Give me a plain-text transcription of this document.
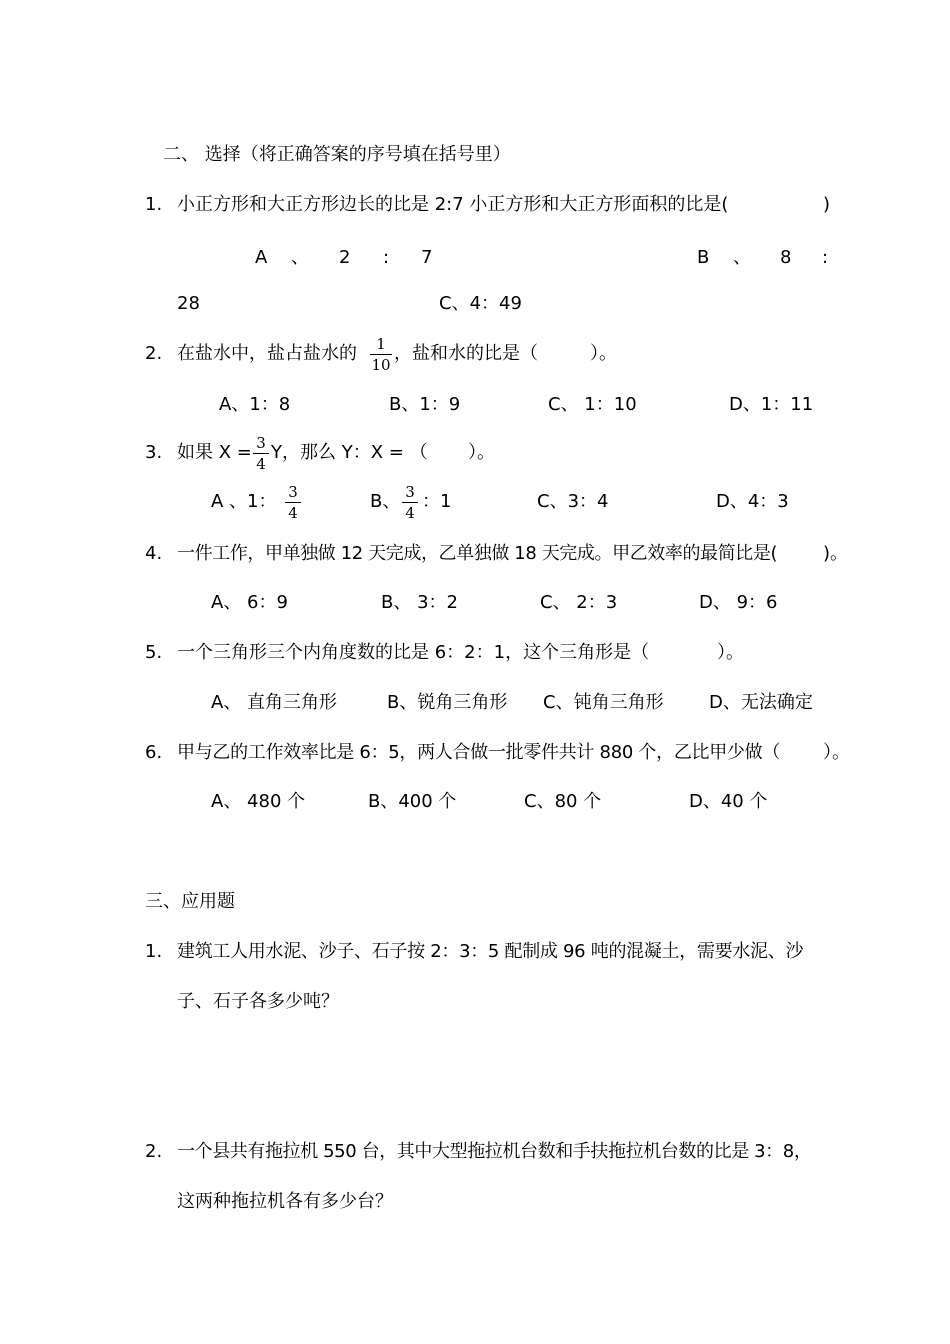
二、 选择（将正确答案的序号填在括号里）
1. 小正方形和大正方形边长的比是 2:7 小正方形和大正方形面积的比是(	)
A 、 2 : 7	B 、 8 :
28	C、4：49
2. 在盐水中，盐占盐水的	1
10
，盐和水的比是（	）。
A、1：8	B、1：9	C、 1：10	D、1：11
3. 如果 X = 3
4
Y，那么 Y：X = （ ）。
A 、1： 3
4
B、 3
4
：1	C、3：4	D、4：3
4. 一件工作，甲单独做 12 天完成，乙单独做 18 天完成。甲乙效率的最简比是(	)。
A、 6：9	B、 3：2	C、 2：3	D、 9：6
5. 一个三角形三个内角度数的比是 6：2：1，这个三角形是（	）。
A、 直角三角形	B、锐角三角形 C、钝角三角形	D、无法确定
6. 甲与乙的工作效率比是 6：5，两人合做一批零件共计 880 个，乙比甲少做（ ）。
A、 480 个	B、400 个	C、80 个	D、40 个
三、应用题
1. 建筑工人用水泥、沙子、石子按 2：3：5 配制成 96 吨的混凝土，需要水泥、沙
子、石子各多少吨？
2. 一个县共有拖拉机 550 台，其中大型拖拉机台数和手扶拖拉机台数的比是 3：8，
这两种拖拉机各有多少台？
